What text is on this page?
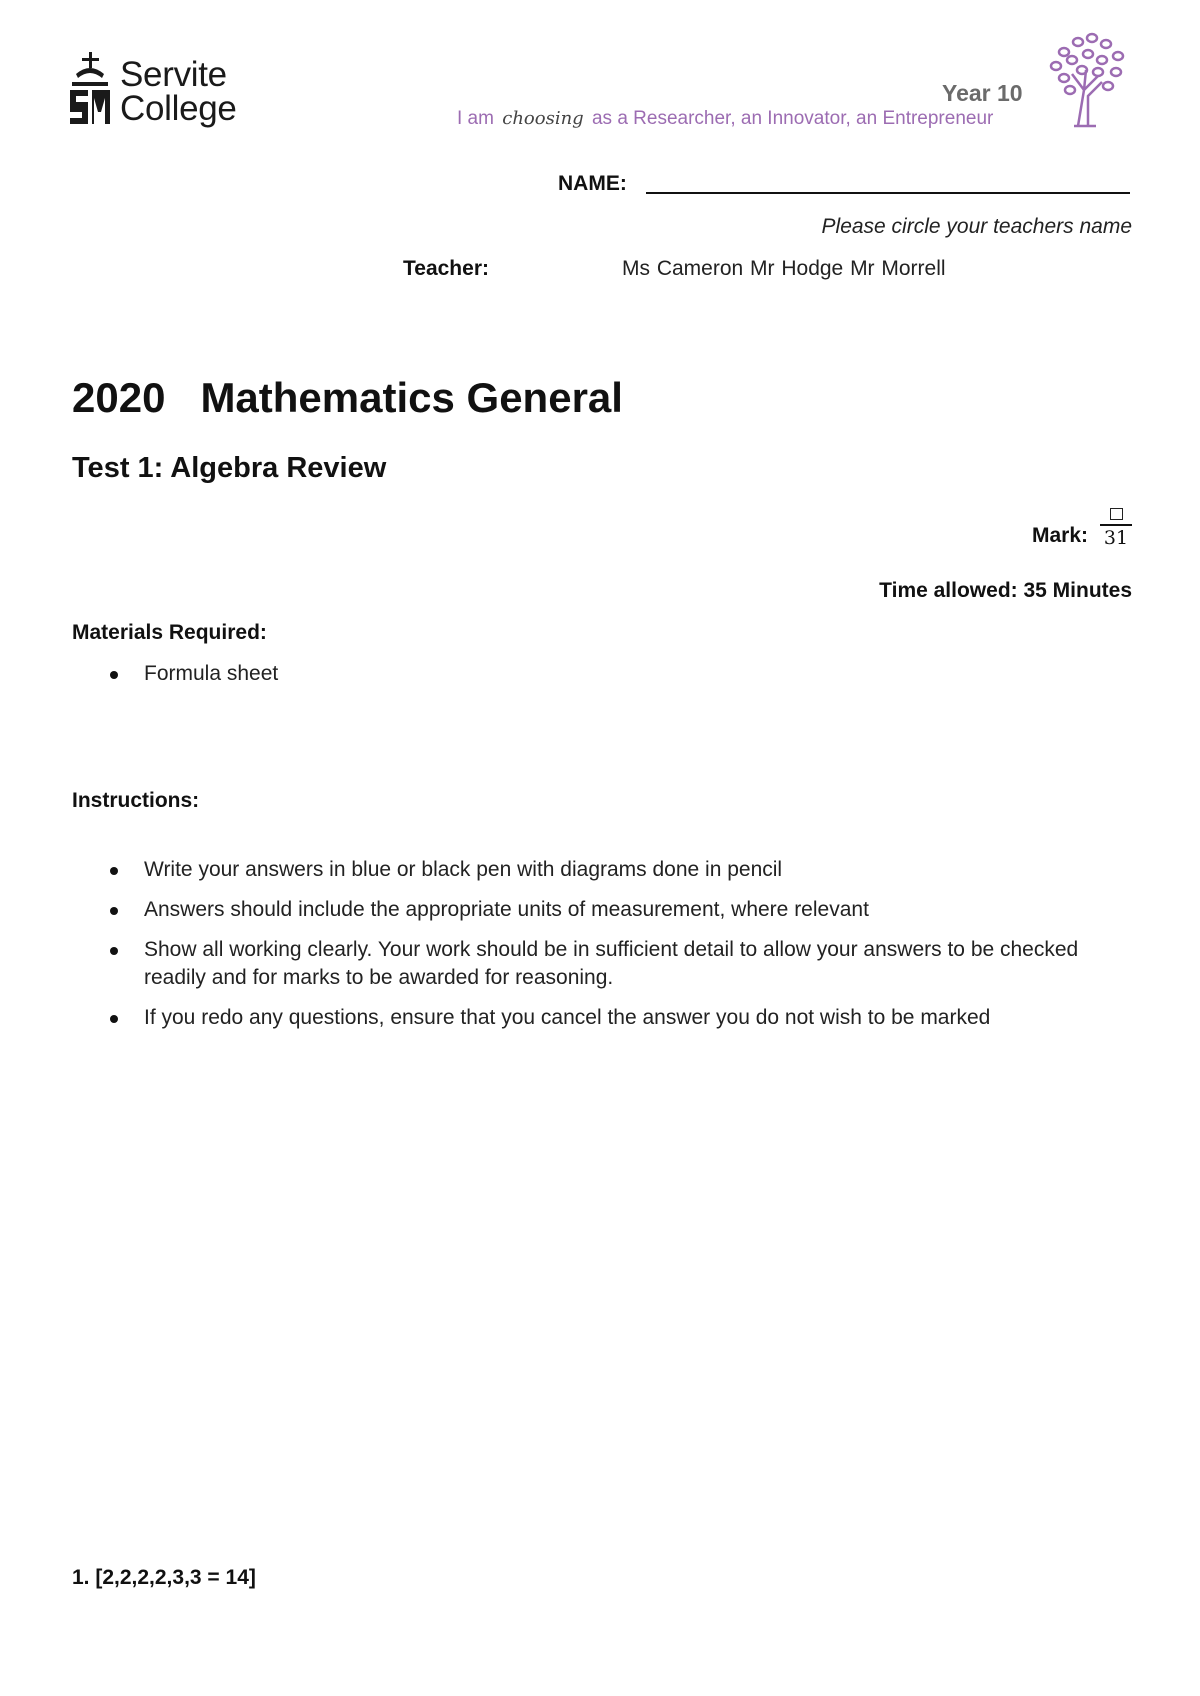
Servite
College	Year 10
I am choosing as a Researcher, an Innovator, an Entrepreneur
NAME:
Please circle your teachers name
Teacher:	Ms Cameron Mr Hodge Mr Morrell
2020   Mathematics General
Test 1: Algebra Review
Mark: 31
Time allowed: 35 Minutes
Materials Required:
Formula sheet
Instructions:
Write your answers in blue or black pen with diagrams done in pencil
Answers should include the appropriate units of measurement, where relevant
Show all working clearly. Your work should be in sufficient detail to allow your answers to be checked readily and for marks to be awarded for reasoning.
If you redo any questions, ensure that you cancel the answer you do not wish to be marked
1. [2,2,2,2,3,3 = 14]
